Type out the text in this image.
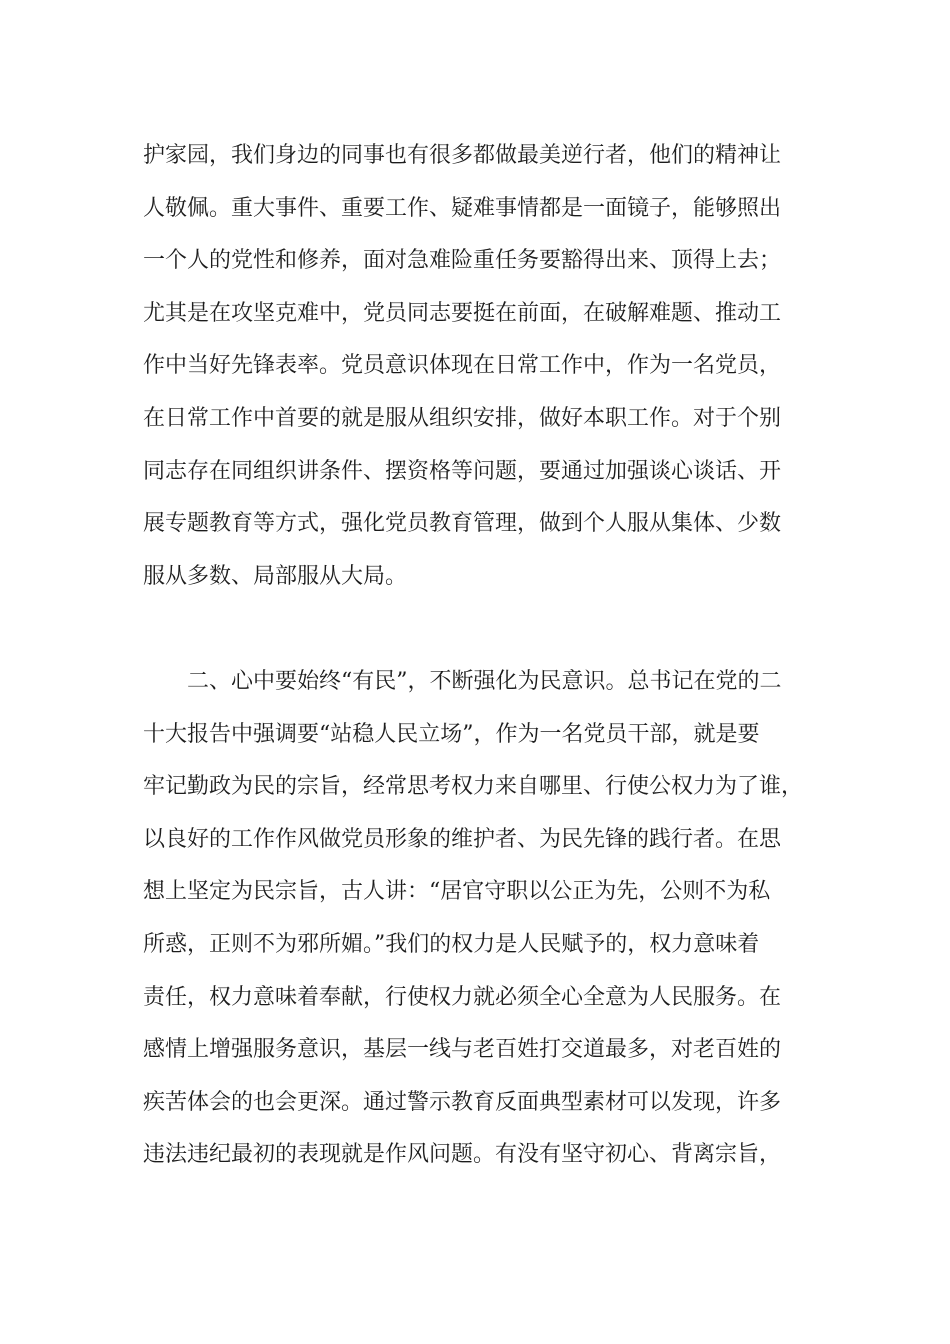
护家园，我们身边的同事也有很多都做最美逆行者，他们的精神让
人敬佩。重大事件、重要工作、疑难事情都是一面镜子，能够照出
一个人的党性和修养，面对急难险重任务要豁得出来、顶得上去；
尤其是在攻坚克难中，党员同志要挺在前面，在破解难题、推动工
作中当好先锋表率。党员意识体现在日常工作中，作为一名党员，
在日常工作中首要的就是服从组织安排，做好本职工作。对于个别
同志存在同组织讲条件、摆资格等问题，要通过加强谈心谈话、开
展专题教育等方式，强化党员教育管理，做到个人服从集体、少数
服从多数、局部服从大局。
　　二、心中要始终“有民”，不断强化为民意识。总书记在党的二
十大报告中强调要“站稳人民立场”，作为一名党员干部，就是要
牢记勤政为民的宗旨，经常思考权力来自哪里、行使公权力为了谁，
以良好的工作作风做党员形象的维护者、为民先锋的践行者。在思
想上坚定为民宗旨，古人讲：“居官守职以公正为先，公则不为私
所惑，正则不为邪所媚。”我们的权力是人民赋予的，权力意味着
责任，权力意味着奉献，行使权力就必须全心全意为人民服务。在
感情上增强服务意识，基层一线与老百姓打交道最多，对老百姓的
疾苦体会的也会更深。通过警示教育反面典型素材可以发现，许多
违法违纪最初的表现就是作风问题。有没有坚守初心、背离宗旨，
